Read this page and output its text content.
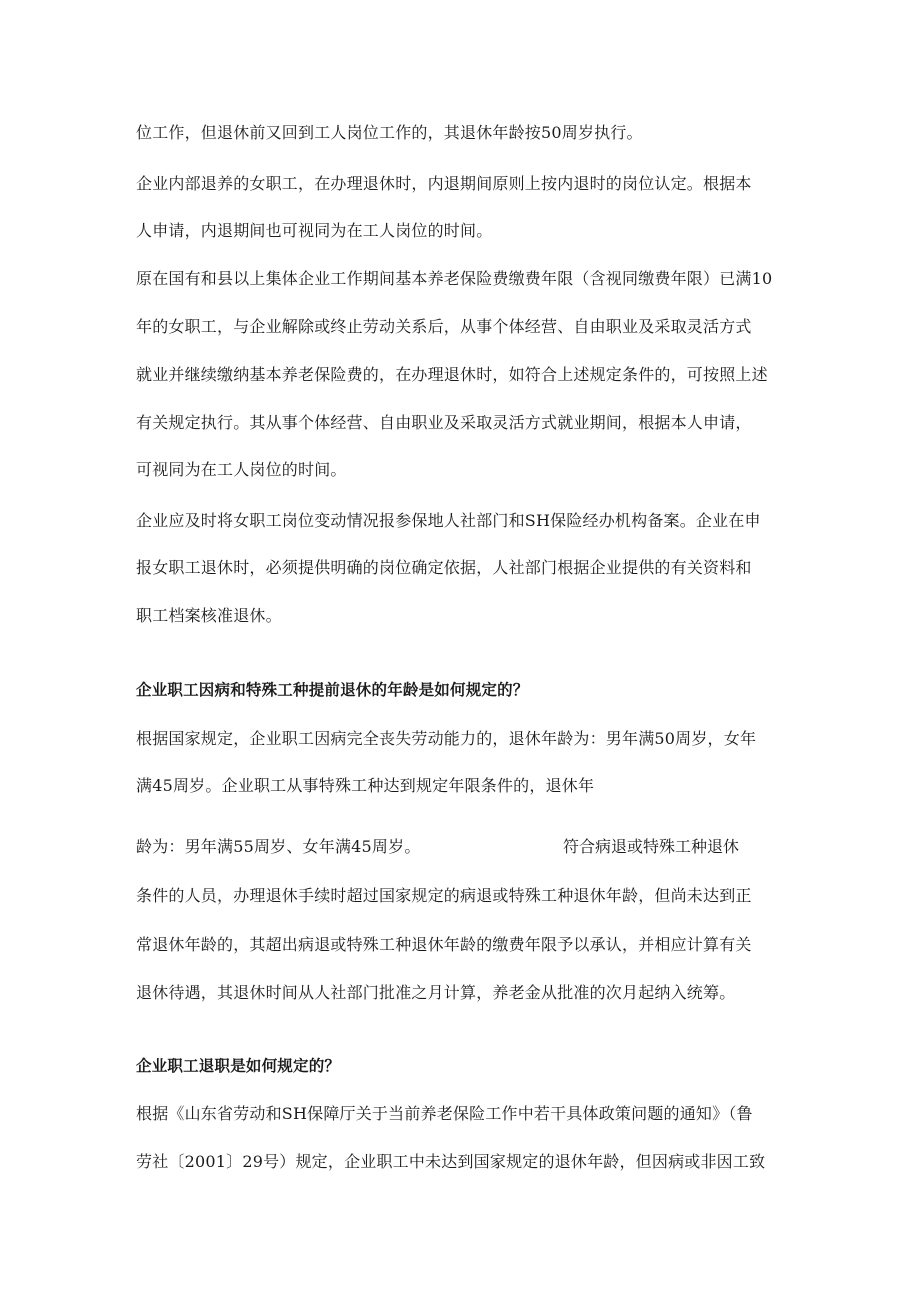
位工作，但退休前又回到工人岗位工作的，其退休年龄按50周岁执行。
企业内部退养的女职工，在办理退休时，内退期间原则上按内退时的岗位认定。根据本
人申请，内退期间也可视同为在工人岗位的时间。
原在国有和县以上集体企业工作期间基本养老保险费缴费年限（含视同缴费年限）已满10
年的女职工，与企业解除或终止劳动关系后，从事个体经营、自由职业及采取灵活方式
就业并继续缴纳基本养老保险费的，在办理退休时，如符合上述规定条件的，可按照上述
有关规定执行。其从事个体经营、自由职业及采取灵活方式就业期间，根据本人申请，
可视同为在工人岗位的时间。
企业应及时将女职工岗位变动情况报参保地人社部门和SH保险经办机构备案。企业在申
报女职工退休时，必须提供明确的岗位确定依据，人社部门根据企业提供的有关资料和
职工档案核准退休。
企业职工因病和特殊工种提前退休的年龄是如何规定的？
根据国家规定，企业职工因病完全丧失劳动能力的，退休年龄为：男年满50周岁，女年
满45周岁。企业职工从事特殊工种达到规定年限条件的，退休年
龄为：男年满55周岁、女年满45周岁。	符合病退或特殊工种退休
条件的人员，办理退休手续时超过国家规定的病退或特殊工种退休年龄，但尚未达到正
常退休年龄的，其超出病退或特殊工种退休年龄的缴费年限予以承认，并相应计算有关
退休待遇，其退休时间从人社部门批准之月计算，养老金从批准的次月起纳入统筹。
企业职工退职是如何规定的？
根据《山东省劳动和SH保障厅关于当前养老保险工作中若干具体政策问题的通知》（鲁
劳社〔2001〕29号）规定，企业职工中未达到国家规定的退休年龄，但因病或非因工致
